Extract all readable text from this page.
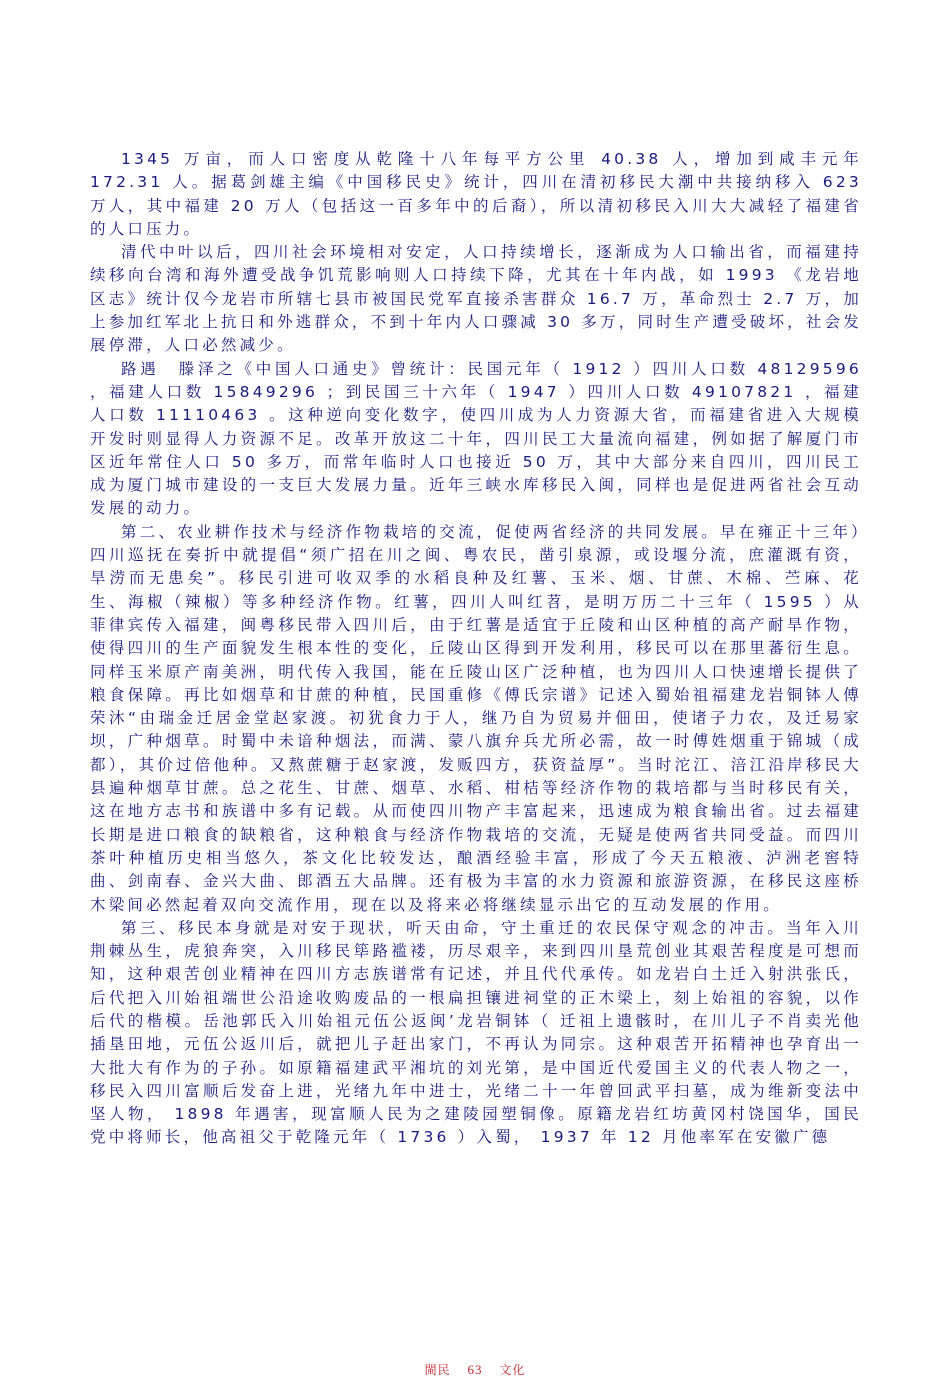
1345 万亩，而人口密度从乾隆十八年每平方公里 40.38 人，增加到咸丰元年 172.31 人。据葛剑雄主编《中国移民史》统计，四川在清初移民大潮中共接纳移入 623 万人，其中福建 20 万人（包括这一百多年中的后裔），所以清初移民入川大大减轻了福建省的人口压力。

清代中叶以后，四川社会环境相对安定，人口持续增长，逐渐成为人口输出省，而福建持续移向台湾和海外遭受战争饥荒影响则人口持续下降，尤其在十年内战，如 1993 《龙岩地区志》统计仅今龙岩市所辖七县市被国民党军直接杀害群众 16.7 万，革命烈士 2.7 万，加上参加红军北上抗日和外逃群众，不到十年内人口骤减 30 多万，同时生产遭受破坏，社会发展停滞，人口必然减少。

路遇　滕泽之《中国人口通史》曾统计：民国元年（ 1912 ）四川人口数 48129596 ，福建人口数 15849296 ；到民国三十六年（ 1947 ）四川人口数 49107821 ，福建人口数 11110463 。这种逆向变化数字，使四川成为人力资源大省，而福建省进入大规模开发时则显得人力资源不足。改革开放这二十年，四川民工大量流向福建，例如据了解厦门市区近年常住人口 50 多万，而常年临时人口也接近 50 万，其中大部分来自四川，四川民工成为厦门城市建设的一支巨大发展力量。近年三峡水库移民入闽，同样也是促进两省社会互动发展的动力。

第二、农业耕作技术与经济作物栽培的交流，促使两省经济的共同发展。早在雍正十三年）四川巡抚在奏折中就提倡“须广招在川之闽、粤农民，凿引泉源，或设堰分流，庶灌溉有资，旱涝而无患矣”。移民引进可收双季的水稻良种及红薯、玉米、烟、甘蔗、木棉、苎麻、花生、海椒（辣椒）等多种经济作物。红薯，四川人叫红苕，是明万历二十三年（ 1595 ）从菲律宾传入福建，闽粤移民带入四川后，由于红薯是适宜于丘陵和山区种植的高产耐旱作物，使得四川的生产面貌发生根本性的变化，丘陵山区得到开发利用，移民可以在那里蕃衍生息。同样玉米原产南美洲，明代传入我国，能在丘陵山区广泛种植，也为四川人口快速增长提供了粮食保障。再比如烟草和甘蔗的种植，民国重修《傅氏宗谱》记述入蜀始祖福建龙岩铜钵人傅荣沐“由瑞金迁居金堂赵家渡。初犹食力于人，继乃自为贸易并佃田，使诸子力农，及迁易家坝，广种烟草。时蜀中未谙种烟法，而满、蒙八旗弁兵尤所必需，故一时傅姓烟重于锦城（成都），其价过倍他种。又熬蔗糖于赵家渡，发贩四方，获资益厚”。当时沱江、涪江沿岸移民大县遍种烟草甘蔗。总之花生、甘蔗、烟草、水稻、柑桔等经济作物的栽培都与当时移民有关，这在地方志书和族谱中多有记载。从而使四川物产丰富起来，迅速成为粮食输出省。过去福建长期是进口粮食的缺粮省，这种粮食与经济作物栽培的交流，无疑是使两省共同受益。而四川茶叶种植历史相当悠久，茶文化比较发达，酿酒经验丰富，形成了今天五粮液、泸洲老窖特曲、剑南春、金兴大曲、郎酒五大品牌。还有极为丰富的水力资源和旅游资源，在移民这座桥木梁间必然起着双向交流作用，现在以及将来必将继续显示出它的互动发展的作用。

第三、移民本身就是对安于现状，听天由命，守土重迁的农民保守观念的冲击。当年入川荆棘丛生，虎狼奔突，入川移民筚路褴褛，历尽艰辛，来到四川垦荒创业其艰苦程度是可想而知，这种艰苦创业精神在四川方志族谱常有记述，并且代代承传。如龙岩白土迁入射洪张氏，后代把入川始祖端世公沿途收购废品的一根扁担镶进祠堂的正木梁上，刻上始祖的容貌，以作后代的楷模。岳池郭氏入川始祖元伍公返闽’龙岩铜钵（ 迁祖上遗骸时，在川儿子不肖卖光他插垦田地，元伍公返川后，就把儿子赶出家门，不再认为同宗。这种艰苦开拓精神也孕育出一大批大有作为的子孙。如原籍福建武平湘坑的刘光第，是中国近代爱国主义的代表人物之一，移民入四川富顺后发奋上进，光绪九年中进士，光绪二十一年曾回武平扫墓，成为维新变法中坚人物， 1898 年遇害，现富顺人民为之建陵园塑铜像。原籍龙岩红坊黄冈村饶国华，国民党中将师长，他高祖父于乾隆元年（ 1736 ）入蜀， 1937 年 12 月他率军在安徽广德

閩民 63 文化
